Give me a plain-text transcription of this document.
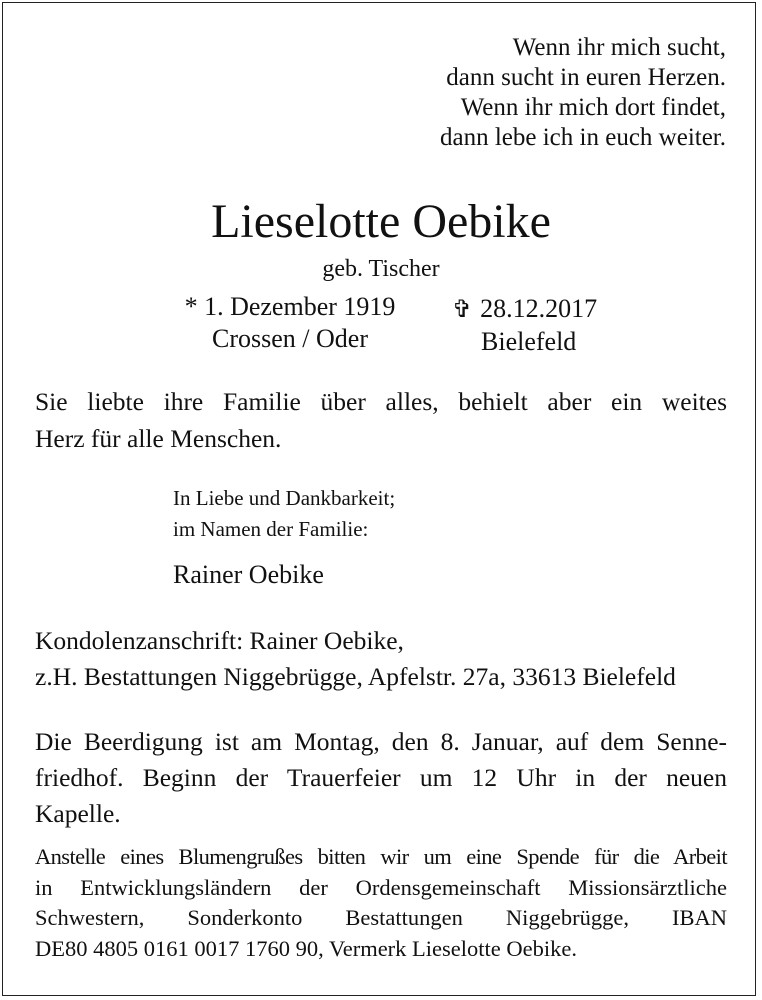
Wenn ihr mich sucht,
dann sucht in euren Herzen.
Wenn ihr mich dort findet,
dann lebe ich in euch weiter.
Lieselotte Oebike
geb. Tischer
* 1. Dezember 1919
Crossen / Oder
✞ 28.12.2017
Bielefeld
Sie liebte ihre Familie über alles, behielt aber ein weites
Herz für alle Menschen.
In Liebe und Dankbarkeit;
im Namen der Familie:
Rainer Oebike
Kondolenzanschrift: Rainer Oebike,
z.H. Bestattungen Niggebrügge, Apfelstr. 27a, 33613 Bielefeld
Die Beerdigung ist am Montag, den 8. Januar, auf dem Senne-
friedhof. Beginn der Trauerfeier um 12 Uhr in der neuen
Kapelle.
Anstelle eines Blumengrußes bitten wir um eine Spende für die Arbeit
in Entwicklungsländern der Ordensgemeinschaft Missionsärztliche
Schwestern, Sonderkonto Bestattungen Niggebrügge, IBAN
DE80 4805 0161 0017 1760 90, Vermerk Lieselotte Oebike.
